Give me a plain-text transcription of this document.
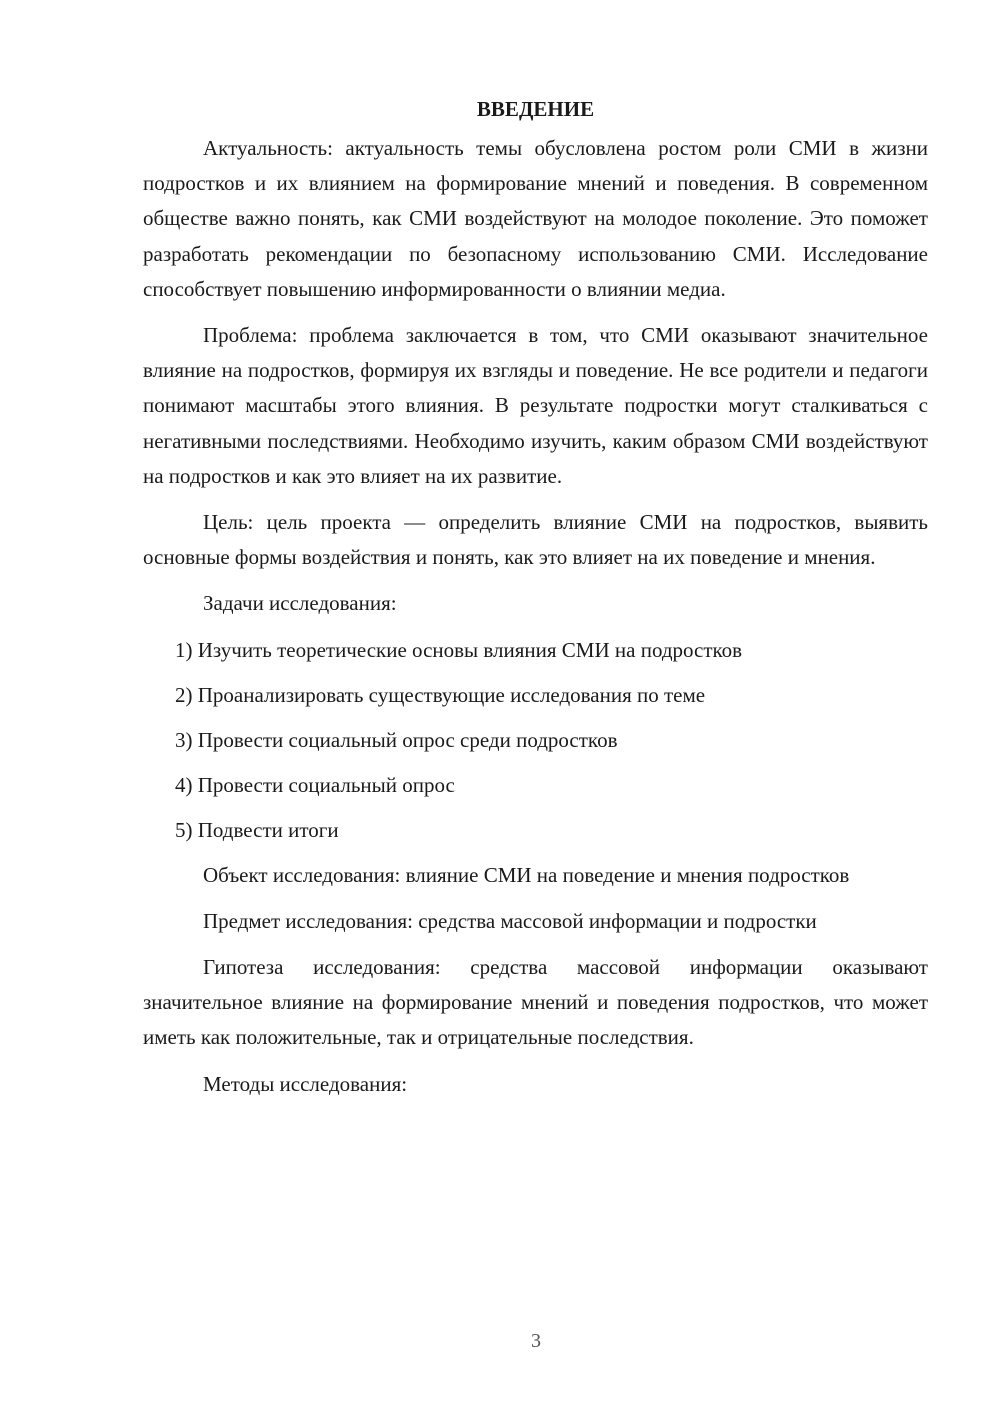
ВВЕДЕНИЕ

Актуальность: актуальность темы обусловлена ростом роли СМИ в жизни подростков и их влиянием на формирование мнений и поведения. В современном обществе важно понять, как СМИ воздействуют на молодое поколение. Это поможет разработать рекомендации по безопасному использованию СМИ. Исследование способствует повышению информированности о влиянии медиа.

Проблема: проблема заключается в том, что СМИ оказывают значительное влияние на подростков, формируя их взгляды и поведение. Не все родители и педагоги понимают масштабы этого влияния. В результате подростки могут сталкиваться с негативными последствиями. Необходимо изучить, каким образом СМИ воздействуют на подростков и как это влияет на их развитие.

Цель: цель проекта — определить влияние СМИ на подростков, выявить основные формы воздействия и понять, как это влияет на их поведение и мнения.

Задачи исследования:

1) Изучить теоретические основы влияния СМИ на подростков
2) Проанализировать существующие исследования по теме
3) Провести социальный опрос среди подростков
4) Провести социальный опрос
5) Подвести итоги

Объект исследования: влияние СМИ на поведение и мнения подростков

Предмет исследования: средства массовой информации и подростки

Гипотеза исследования: средства массовой информации оказывают значительное влияние на формирование мнений и поведения подростков, что может иметь как положительные, так и отрицательные последствия.

Методы исследования:

3
